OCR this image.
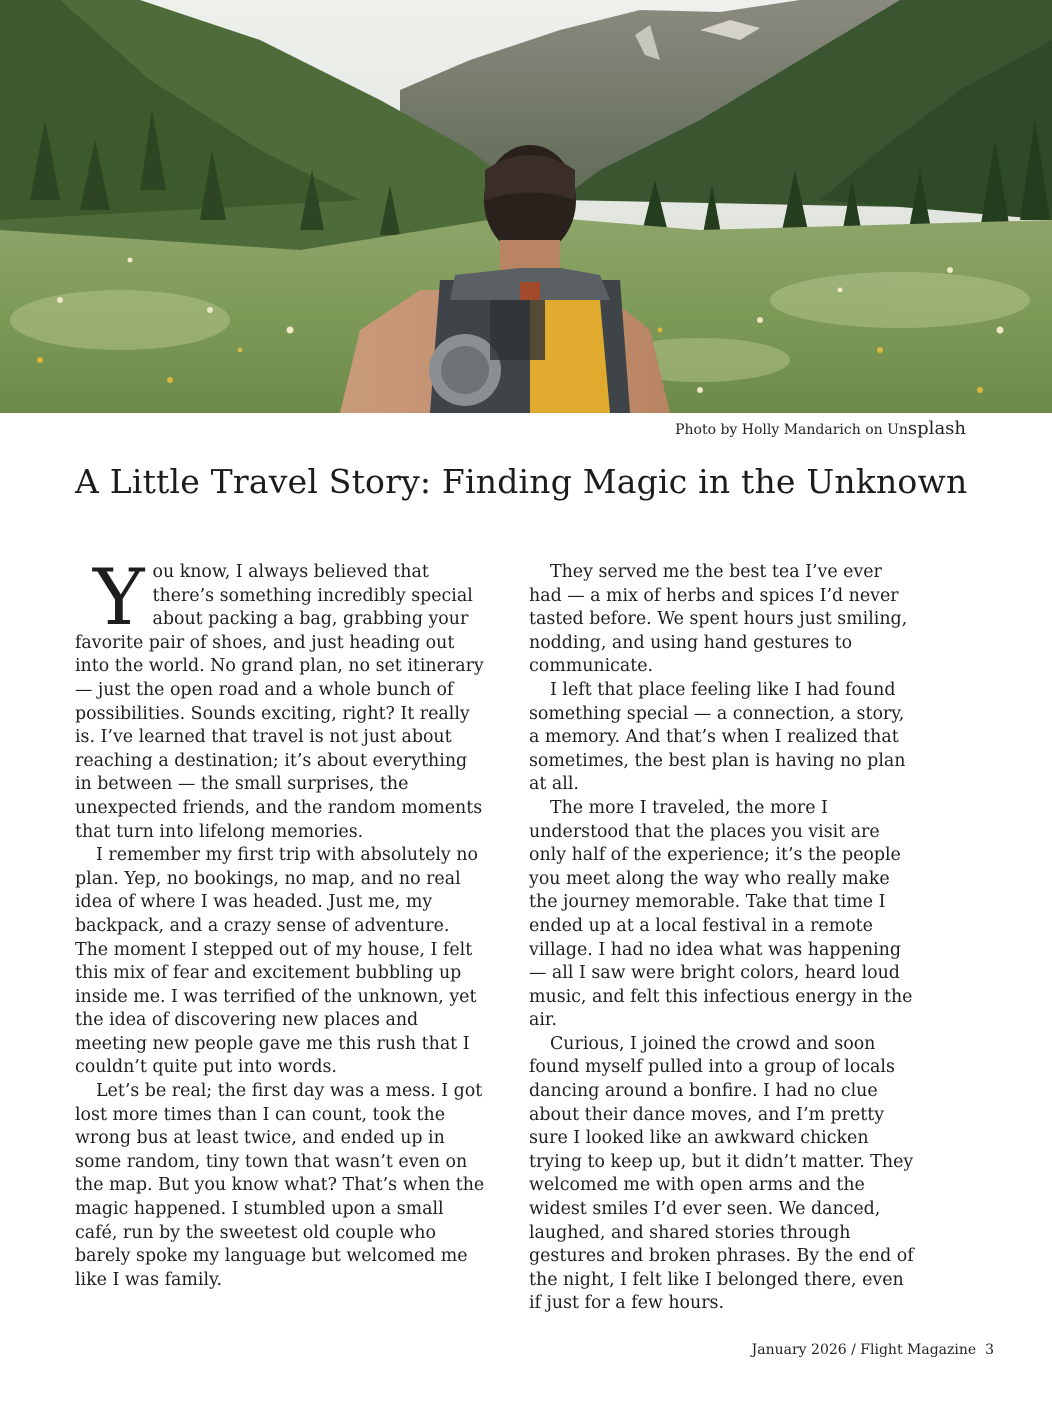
Photo by Holly Mandarich on Unsplash
A Little Travel Story: Finding Magic in the Unknown

You know, I always believed that there’s something incredibly special about packing a bag, grabbing your favorite pair of shoes, and just heading out into the world. No grand plan, no set itinerary — just the open road and a whole bunch of possibilities. Sounds exciting, right? It really is. I’ve learned that travel is not just about reaching a destination; it’s about everything in between — the small surprises, the unexpected friends, and the random moments that turn into lifelong memories.

I remember my first trip with absolutely no plan. Yep, no bookings, no map, and no real idea of where I was headed. Just me, my backpack, and a crazy sense of adventure. The moment I stepped out of my house, I felt this mix of fear and excitement bubbling up inside me. I was terrified of the unknown, yet the idea of discovering new places and meeting new people gave me this rush that I couldn’t quite put into words.

Let’s be real; the first day was a mess. I got lost more times than I can count, took the wrong bus at least twice, and ended up in some random, tiny town that wasn’t even on the map. But you know what? That’s when the magic happened. I stumbled upon a small café, run by the sweetest old couple who barely spoke my language but welcomed me like I was family.

They served me the best tea I’ve ever had — a mix of herbs and spices I’d never tasted before. We spent hours just smiling, nodding, and using hand gestures to communicate.

I left that place feeling like I had found something special — a connection, a story, a memory. And that’s when I realized that sometimes, the best plan is having no plan at all.

The more I traveled, the more I understood that the places you visit are only half of the experience; it’s the people you meet along the way who really make the journey memorable. Take that time I ended up at a local festival in a remote village. I had no idea what was happening — all I saw were bright colors, heard loud music, and felt this infectious energy in the air.

Curious, I joined the crowd and soon found myself pulled into a group of locals dancing around a bonfire. I had no clue about their dance moves, and I’m pretty sure I looked like an awkward chicken trying to keep up, but it didn’t matter. They welcomed me with open arms and the widest smiles I’d ever seen. We danced, laughed, and shared stories through gestures and broken phrases. By the end of the night, I felt like I belonged there, even if just for a few hours.

January 2026 / Flight Magazine 3
